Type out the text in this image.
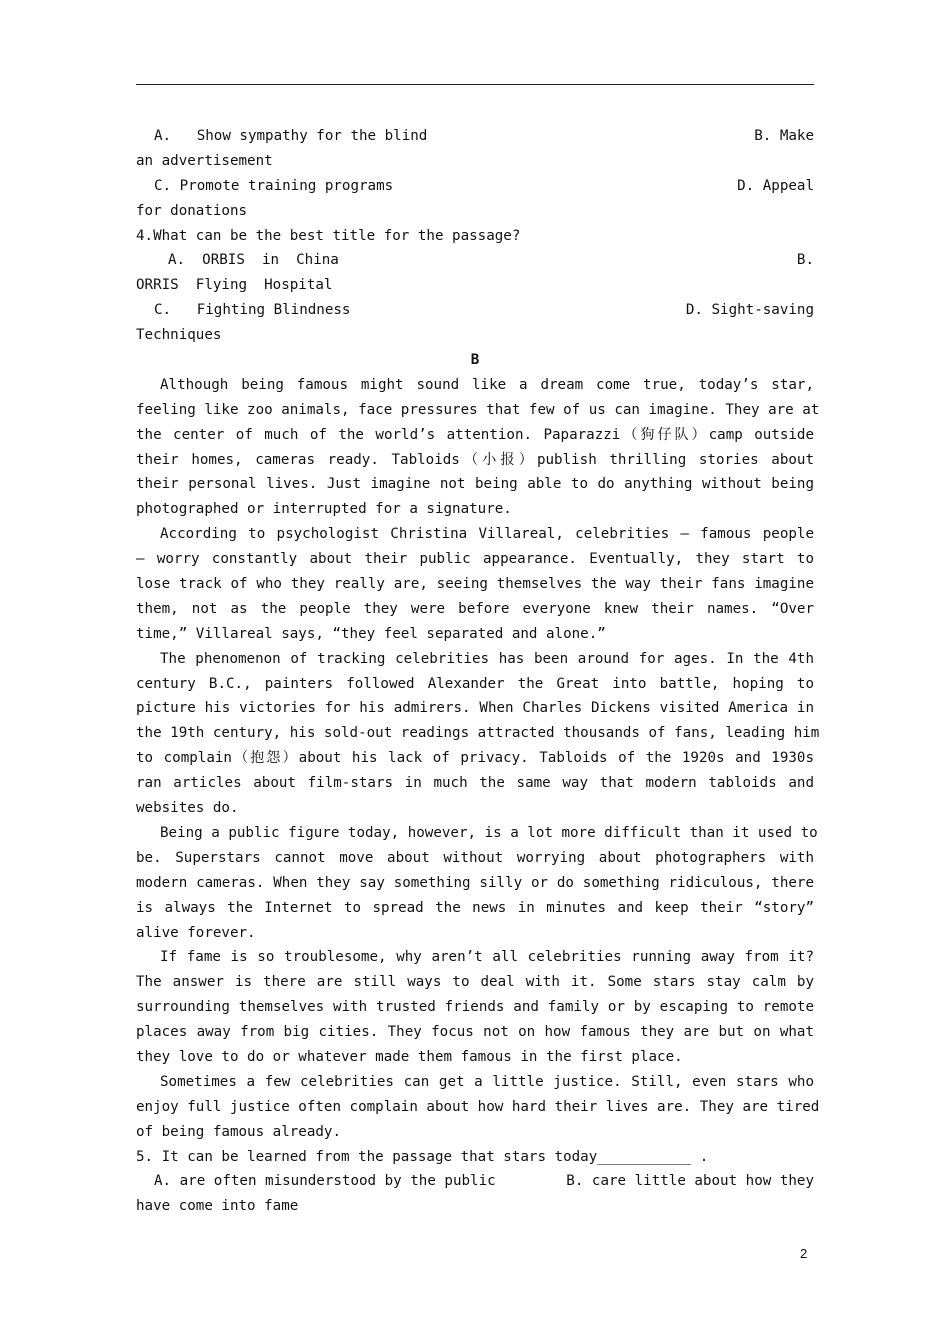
A.   Show sympathy for the blind	B. Make
an advertisement
C. Promote training programs	D. Appeal
for donations
4.What can be the best title for the passage?
A.  ORBIS  in  China	B.
ORRIS  Flying  Hospital
C.   Fighting Blindness	D. Sight-saving
Techniques
B
Although being famous might sound like a dream come true, today’s star,
feeling like zoo animals, face pressures that few of us can imagine. They are at
the center of much of the world’s attention. Paparazzi（狗仔队）camp outside
their homes, cameras ready. Tabloids（小报）publish thrilling stories about
their personal lives. Just imagine not being able to do anything without being
photographed or interrupted for a signature.
According to psychologist Christina Villareal, celebrities — famous people
— worry constantly about their public appearance. Eventually, they start to
lose track of who they really are, seeing themselves the way their fans imagine
them, not as the people they were before everyone knew their names. “Over
time,” Villareal says, “they feel separated and alone.”
The phenomenon of tracking celebrities has been around for ages. In the 4th
century B.C., painters followed Alexander the Great into battle, hoping to
picture his victories for his admirers. When Charles Dickens visited America in
the 19th century, his sold-out readings attracted thousands of fans, leading him
to complain（抱怨）about his lack of privacy. Tabloids of the 1920s and 1930s
ran articles about film-stars in much the same way that modern tabloids and
websites do.
Being a public figure today, however, is a lot more difficult than it used to
be. Superstars cannot move about without worrying about photographers with
modern cameras. When they say something silly or do something ridiculous, there
is always the Internet to spread the news in minutes and keep their “story”
alive forever.
If fame is so troublesome, why aren’t all celebrities running away from it?
The answer is there are still ways to deal with it. Some stars stay calm by
surrounding themselves with trusted friends and family or by escaping to remote
places away from big cities. They focus not on how famous they are but on what
they love to do or whatever made them famous in the first place.
Sometimes a few celebrities can get a little justice. Still, even stars who
enjoy full justice often complain about how hard their lives are. They are tired
of being famous already.
5. It can be learned from the passage that stars today___________ .
A. are often misunderstood by the public	B. care little about how they
have come into fame
2
